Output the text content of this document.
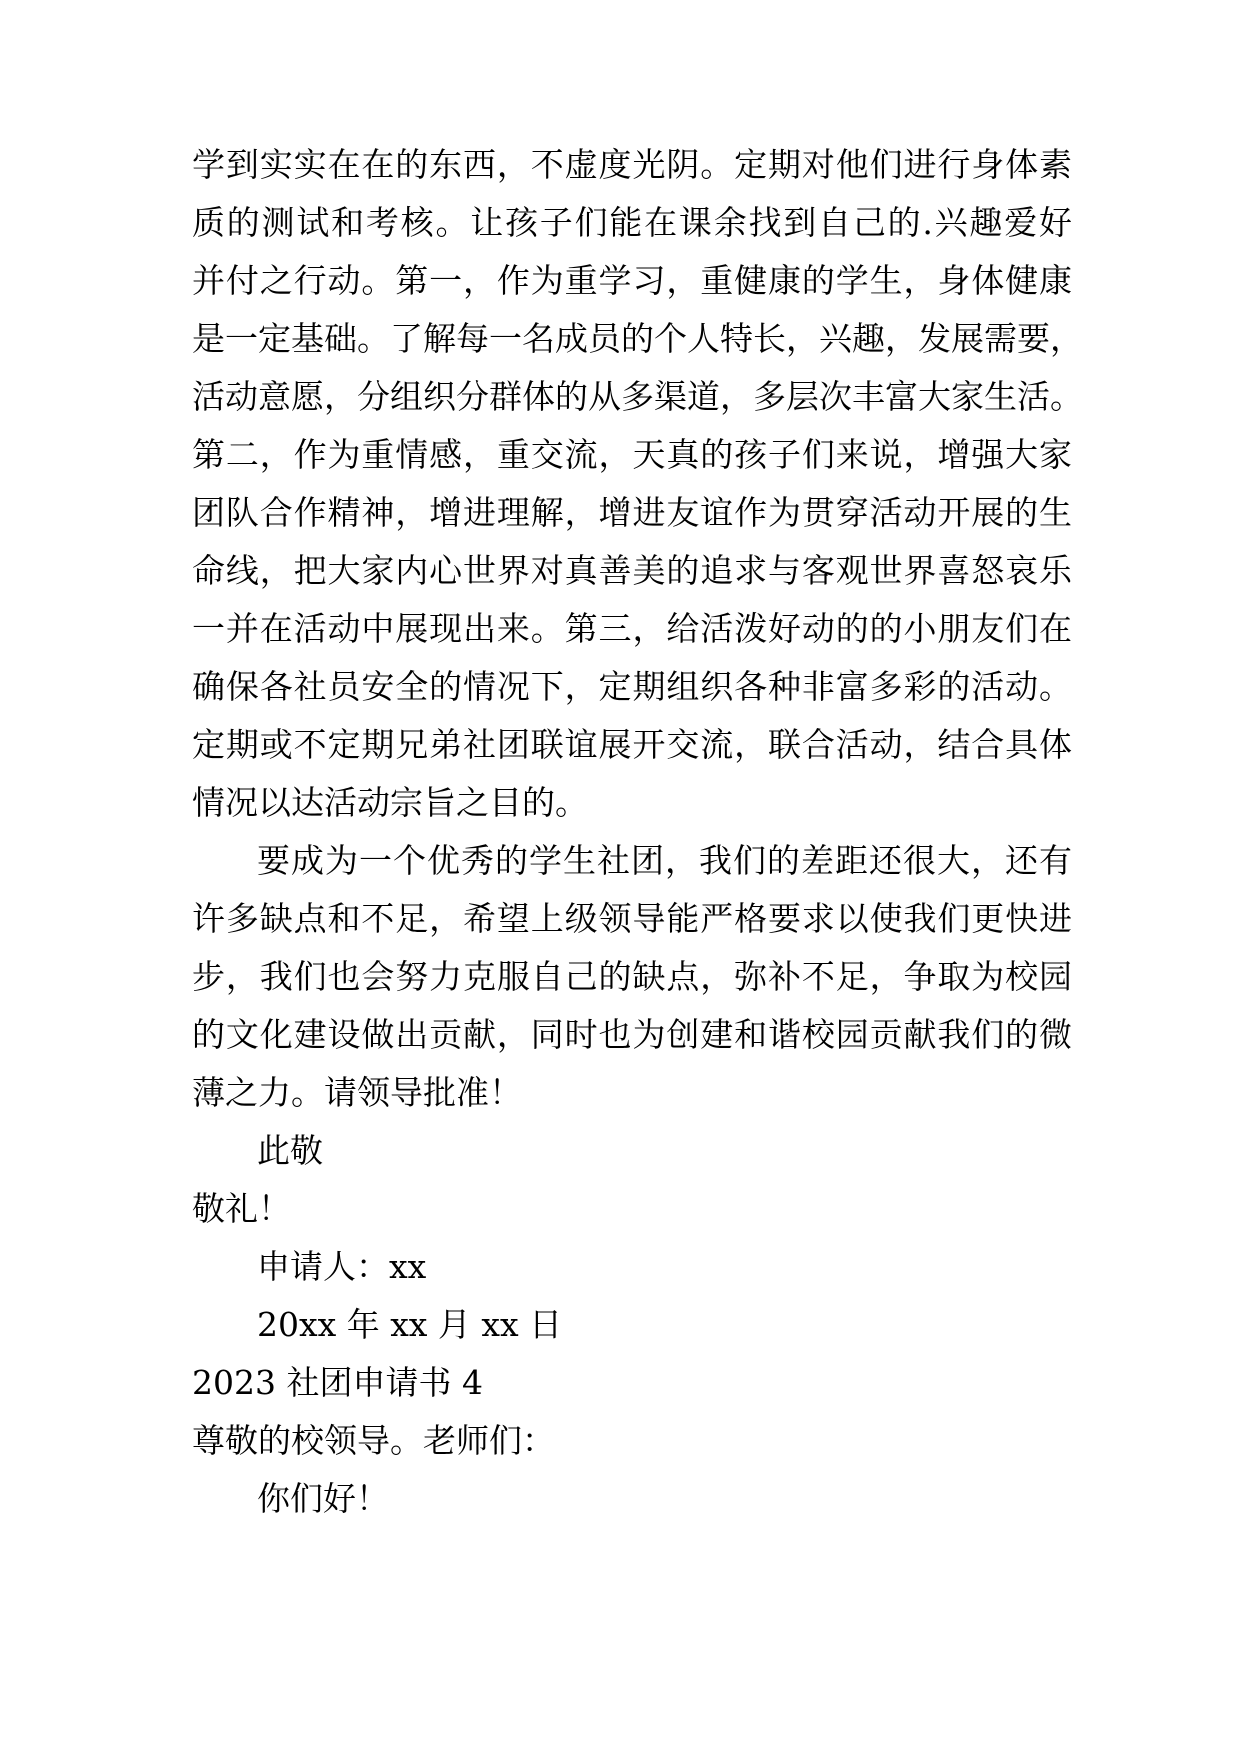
学到实实在在的东西，不虚度光阴。定期对他们进行身体素
质的测试和考核。让孩子们能在课余找到自己的.兴趣爱好
并付之行动。第一，作为重学习，重健康的学生，身体健康
是一定基础。了解每一名成员的个人特长，兴趣，发展需要，
活动意愿，分组织分群体的从多渠道，多层次丰富大家生活。
第二，作为重情感，重交流，天真的孩子们来说，增强大家
团队合作精神，增进理解，增进友谊作为贯穿活动开展的生
命线，把大家内心世界对真善美的追求与客观世界喜怒哀乐
一并在活动中展现出来。第三，给活泼好动的的小朋友们在
确保各社员安全的情况下，定期组织各种非富多彩的活动。
定期或不定期兄弟社团联谊展开交流，联合活动，结合具体
情况以达活动宗旨之目的。
要成为一个优秀的学生社团，我们的差距还很大，还有
许多缺点和不足，希望上级领导能严格要求以使我们更快进
步，我们也会努力克服自己的缺点，弥补不足，争取为校园
的文化建设做出贡献，同时也为创建和谐校园贡献我们的微
薄之力。请领导批准！
此敬
敬礼！
申请人：xx
20xx 年 xx 月 xx 日
2023 社团申请书 4
尊敬的校领导。老师们：
你们好！
